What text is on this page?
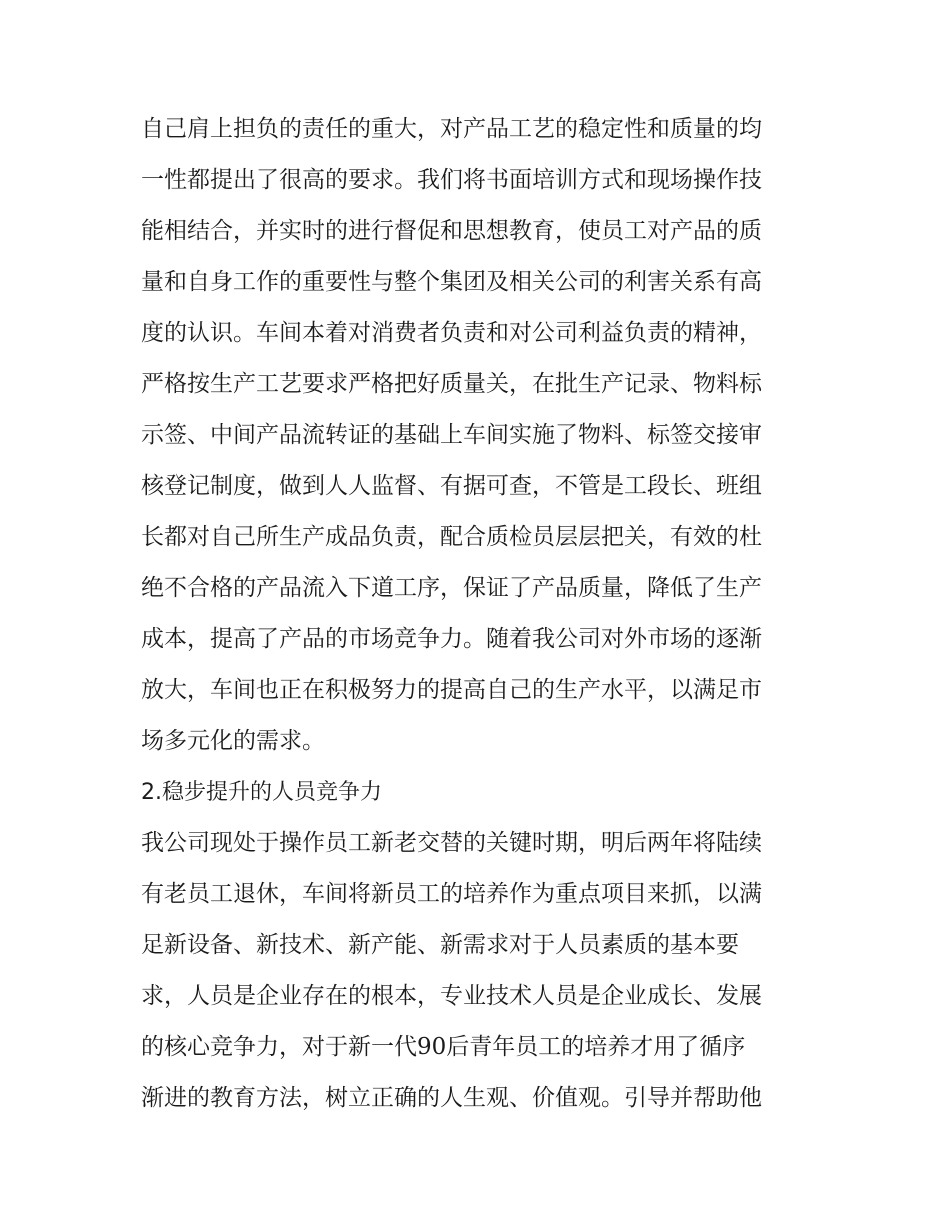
自己肩上担负的责任的重大，对产品工艺的稳定性和质量的均
一性都提出了很高的要求。我们将书面培训方式和现场操作技
能相结合，并实时的进行督促和思想教育，使员工对产品的质
量和自身工作的重要性与整个集团及相关公司的利害关系有高
度的认识。车间本着对消费者负责和对公司利益负责的精神，
严格按生产工艺要求严格把好质量关，在批生产记录、物料标
示签、中间产品流转证的基础上车间实施了物料、标签交接审
核登记制度，做到人人监督、有据可查，不管是工段长、班组
长都对自己所生产成品负责，配合质检员层层把关，有效的杜
绝不合格的产品流入下道工序，保证了产品质量，降低了生产
成本，提高了产品的市场竞争力。随着我公司对外市场的逐渐
放大，车间也正在积极努力的提高自己的生产水平，以满足市
场多元化的需求。
2.稳步提升的人员竞争力
我公司现处于操作员工新老交替的关键时期，明后两年将陆续
有老员工退休，车间将新员工的培养作为重点项目来抓，以满
足新设备、新技术、新产能、新需求对于人员素质的基本要
求，人员是企业存在的根本，专业技术人员是企业成长、发展
的核心竞争力，对于新一代90后青年员工的培养才用了循序
渐进的教育方法，树立正确的人生观、价值观。引导并帮助他
